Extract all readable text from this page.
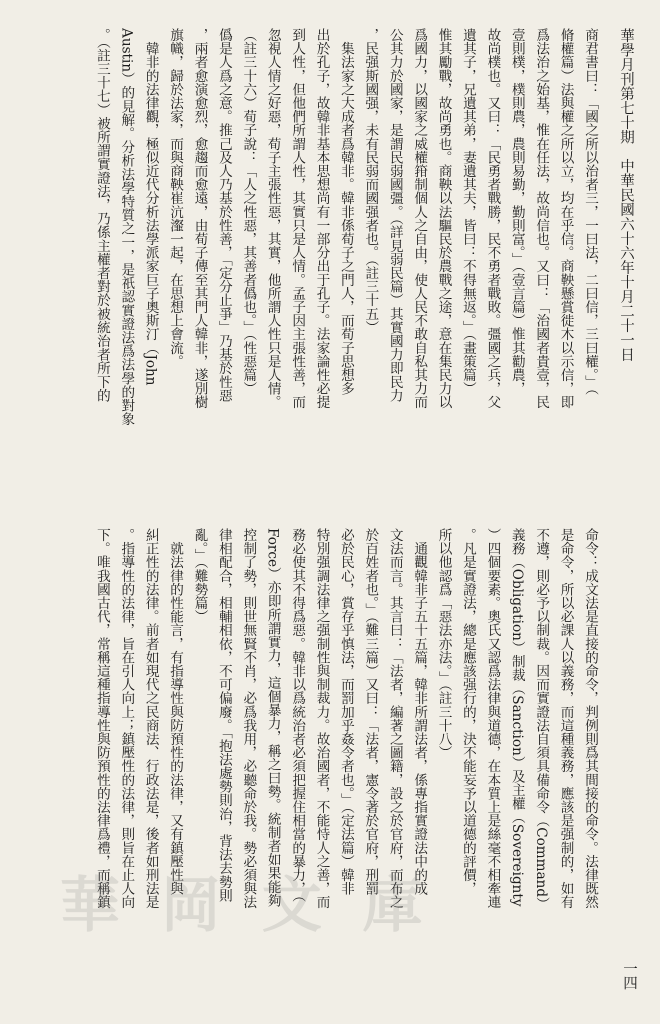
華學月刊第七十期　中華民國六十六年十月二十一日
商君書曰：「國之所以治者三，一曰法，二曰信，三曰權。」（
脩權篇）法與權之所以立，均在乎信。商鞅懸賞徙木以示信，即
爲法治之始基，惟在任法，故尚信也。又曰：「治國者貴壹，民
壹則樸，樸則農，農則易勤，勤則富。」（壹言篇）惟其勸農，
故尚樸也。又曰：「民勇者戰勝，民不勇者戰敗。彊國之兵，父
遺其子，兄遺其弟，妻遺其夫，皆曰：不得無返。」（畫策篇）
惟其勵戰，故尚勇也。商鞅以法驅民於農戰之途，意在集民力以
爲國力，以國家之威權箝制個人之自由，使人民不敢自私其力而
公其力於國家，是謂民弱國彊。（詳見弱民篇）其實國力即民力
，民强斯國强，未有民弱而國强者也。（註三十五）
　集法家之大成者爲韓非。韓非係荀子之門人，而荀子思想多
出於孔子，故韓非基本思想尚有一部分出于孔子。法家論性必提
到人性，但他們所謂人性，其實只是人情。孟子因主張性善，而
忽視人情之好惡，荀子主張性惡，其實，他所謂人性只是人情。
（註三十六）荀子說：「人之性惡，其善者僞也。」（性惡篇）
僞是人爲之意。推己及人乃基於性善，「定分止爭」乃基於性惡
，兩者愈演愈烈，愈趨而愈遠，由荀子傳至其門人韓非，遂別樹
旗幟，歸於法家，而與商鞅崔沆瀣一起，在思想上會流。
　韓非的法律觀，極似近代分析法學派家巨子奧斯汀（John
Austin）的見解。分析法學特質之一，是祇認實證法爲法學的對象
。（註三十七）被所謂實證法，乃係主權者對於被統治者所下的
命令：成文法是直接的命令，判例則爲其間接的命令。法律既然
是命令，所以必課人以義務，而這種義務，應該是强制的，如有
不遵，則必予以制裁。因而實證法自須具備命令（Command）
義務（Obligation）制裁（Sanction）及主權（Sovereignty
）四個要素。奧氏又認爲法律與道德，在本質上是絲毫不相牽連
。凡是實證法，總是應該强行的，決不能妄予以道德的評價，
所以他認爲「惡法亦法。」（註三十八）
　通觀韓非子五十五篇，韓非所謂法者，係專指實證法中的成
文法而言。其言曰：「法者，編著之圖籍，設之於官府，而布之
於百姓者也。」（難三篇）又曰：「法者，憲令著於官府，刑罰
必於民心，賞存乎慎法，而罰加乎姦令者也。」（定法篇）韓非
特別强調法律之强制性與制裁力。故治國者，不能恃人之善，而
務必使其不得爲惡。韓非以爲統治者必須把握住相當的暴力，（
Force）亦即所謂實力，這個暴力，稱之曰勢。統制者如果能夠
控制了勢，則世無賢不肖，必爲我用，必聽命於我。勢必須與法
律相配合，相輔相依，不可偏廢。「抱法處勢則治，背法去勢則
亂。」（難勢篇）
　就法律的性能言，有指導性與防預性的法律，又有鎮壓性與
糾正性的法律。前者如現代之民商法、行政法是，後者如刑法是
。指導性的法律，旨在引人向上；鎮壓性的法律，則旨在止人向
下。唯我國古代，常稱這種指導性與防預性的法律爲禮，而稱鎮
一四
華 岡 文 庫
